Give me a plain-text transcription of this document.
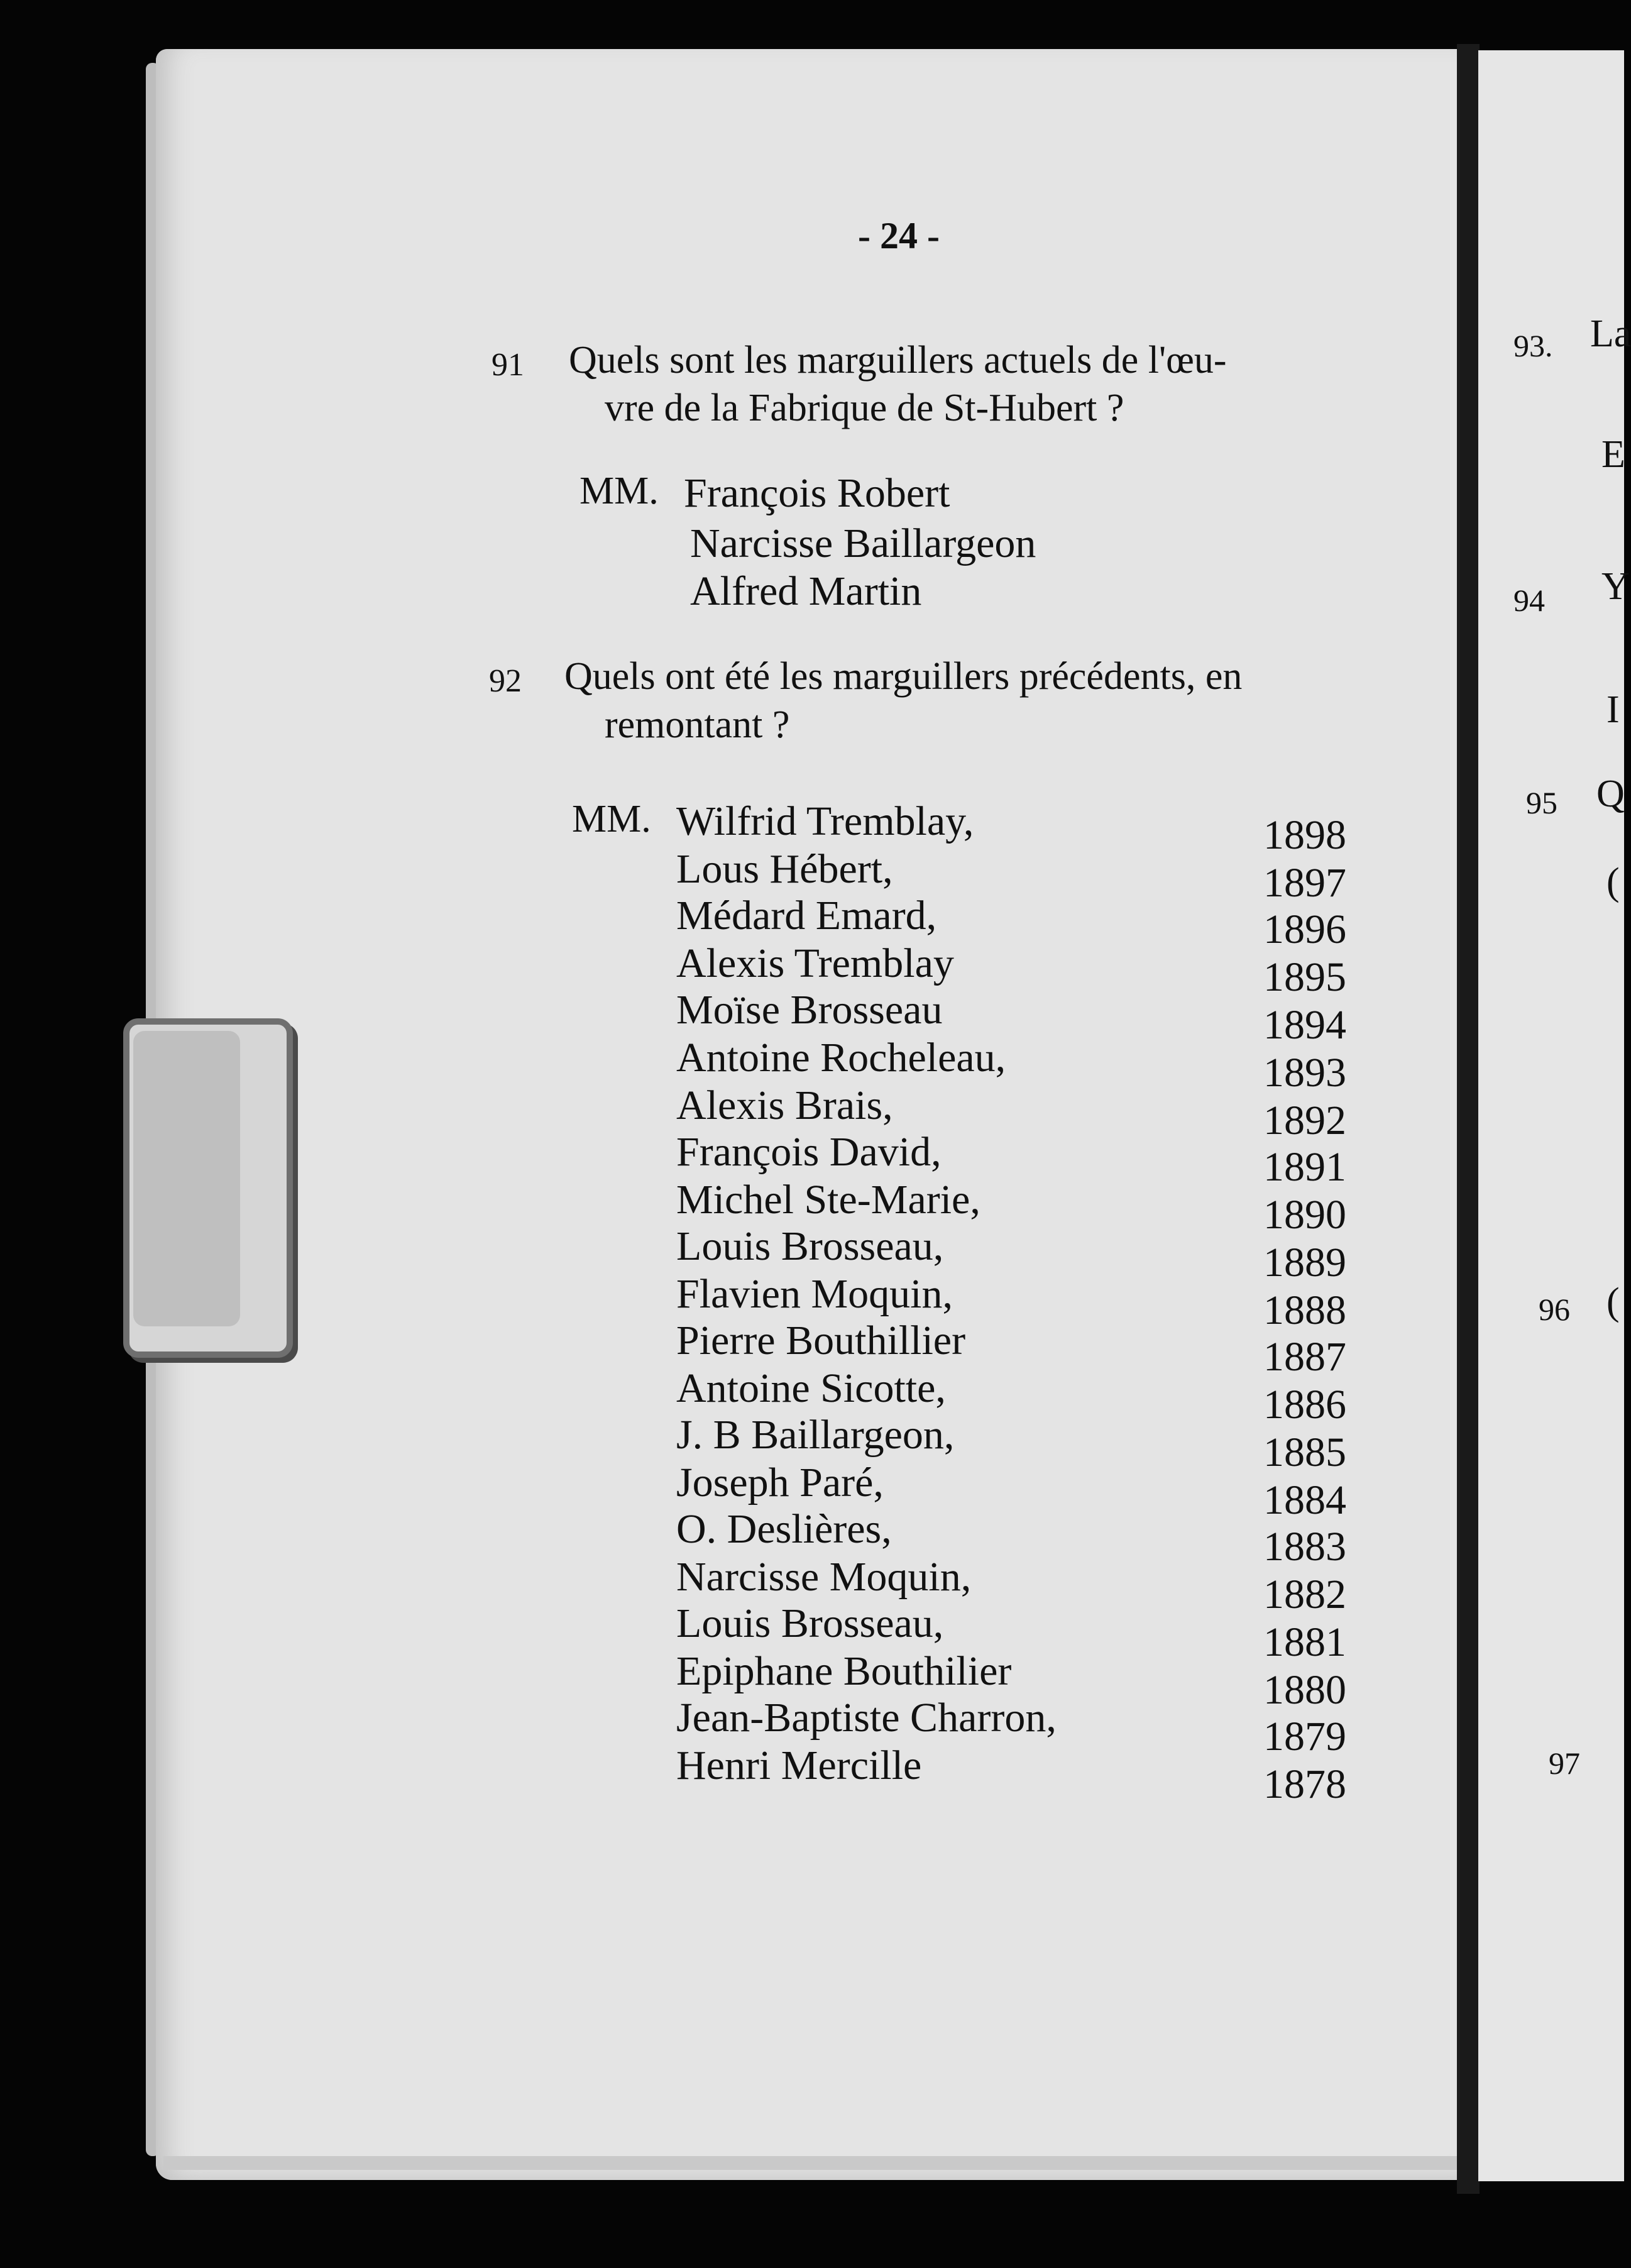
- 24 -
91 Quels sont les marguillers actuels de l'œu-
vre de la Fabrique de St-Hubert ?
MM. François Robert
Narcisse Baillargeon
Alfred Martin
92 Quels ont été les marguillers précédents, en
remontant ?
MM. Wilfrid Tremblay,	1898
Lous Hébert,	1897
Médard Emard,	1896
Alexis Tremblay	1895
Moïse Brosseau	1894
Antoine Rocheleau,	1893
Alexis Brais,	1892
François David,	1891
Michel Ste-Marie,	1890
Louis Brosseau,	1889
Flavien Moquin,	1888
Pierre Bouthillier	1887
Antoine Sicotte,	1886
J. B Baillargeon,	1885
Joseph Paré,	1884
O. Deslières,	1883
Narcisse Moquin,	1882
Louis Brosseau,	1881
Epiphane Bouthilier	1880
Jean-Baptiste Charron,	1879
Henri Mercille	1878
93. La
E
94 Y
I
95 Q
(
96 (
97
